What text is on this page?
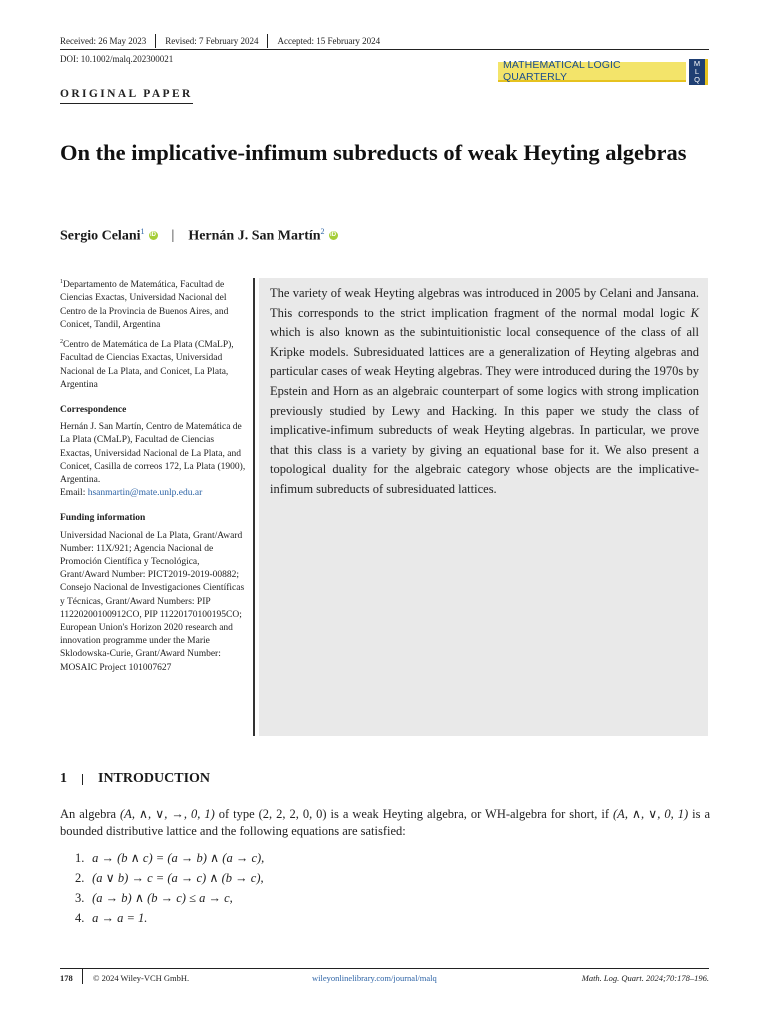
Received: 26 May 2023 Revised: 7 February 2024 Accepted: 15 February 2024
DOI: 10.1002/malq.202300021	MATHEMATICAL LOGIC QUARTERLY
M
L
Q
ORIGINAL PAPER
On the implicative-infimum subreducts of weak Heyting algebras
Sergio Celani$^1$ iD | Hernán J. San Martín$^2$ iD

$^1$Departamento de Matemática, Facultad de Ciencias Exactas, Universidad Nacional del Centro de la Provincia de Buenos Aires, and Conicet, Tandil, Argentina

$^2$Centro de Matemática de La Plata (CMaLP), Facultad de Ciencias Exactas, Universidad Nacional de La Plata, and Conicet, La Plata, Argentina

Correspondence

Hernán J. San Martín, Centro de Matemática de La Plata (CMaLP), Facultad de Ciencias Exactas, Universidad Nacional de La Plata, and Conicet, Casilla de correos 172, La Plata (1900), Argentina.
Email: hsanmartin@mate.unlp.edu.ar

Funding information

Universidad Nacional de La Plata, Grant/Award Number: 11X/921; Agencia Nacional de Promoción Científica y Tecnológica, Grant/Award Number: PICT2019-2019-00882; Consejo Nacional de Investigaciones Científicas y Técnicas, Grant/Award Numbers: PIP 11220200100912CO, PIP 11220170100195CO; European Union's Horizon 2020 research and innovation programme under the Marie Sklodowska-Curie, Grant/Award Number: MOSAIC Project 101007627

The variety of weak Heyting algebras was introduced in 2005 by Celani and Jansana. This corresponds to the strict implication fragment of the normal modal logic K which is also known as the subintuitionistic local consequence of the class of all Kripke models. Subresiduated lattices are a generalization of Heyting algebras and particular cases of weak Heyting algebras. They were introduced during the 1970s by Epstein and Horn as an algebraic counterpart of some logics with strong implication previously studied by Lewy and Hacking. In this paper we study the class of implicative-infimum subreducts of weak Heyting algebras. In particular, we prove that this class is a variety by giving an equational base for it. We also present a topological duality for the algebraic category whose objects are the implicative-infimum subreducts of subresiduated lattices.
1 INTRODUCTION
An algebra (A, ∧, ∨, →, 0, 1) of type (2, 2, 2, 0, 0) is a weak Heyting algebra, or WH-algebra for short, if (A, ∧, ∨, 0, 1) is a bounded distributive lattice and the following equations are satisfied:
1. a → (b ∧ c) = (a → b) ∧ (a → c),
2. (a ∨ b) → c = (a → c) ∧ (b → c),
3. (a → b) ∧ (b → c) ≤ a → c,
4. a → a = 1.
178 © 2024 Wiley-VCH GmbH.	wileyonlinelibrary.com/journal/malq	Math. Log. Quart. 2024;70:178–196.
